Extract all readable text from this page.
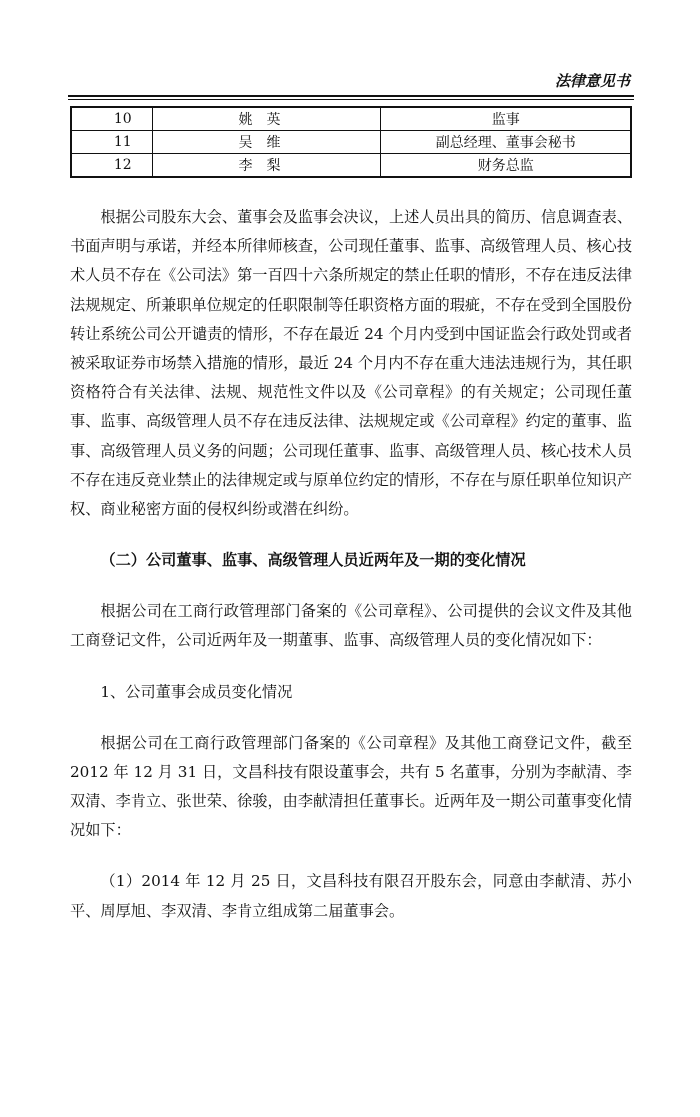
法律意见书
10	姚英	监事
11	吴维	副总经理、董事会秘书
12	李梨	财务总监

根据公司股东大会、董事会及监事会决议，上述人员出具的简历、信息调查表、书面声明与承诺，并经本所律师核查，公司现任董事、监事、高级管理人员、核心技术人员不存在《公司法》第一百四十六条所规定的禁止任职的情形，不存在违反法律法规规定、所兼职单位规定的任职限制等任职资格方面的瑕疵，不存在受到全国股份转让系统公司公开谴责的情形，不存在最近 24 个月内受到中国证监会行政处罚或者被采取证券市场禁入措施的情形，最近 24 个月内不存在重大违法违规行为，其任职资格符合有关法律、法规、规范性文件以及《公司章程》的有关规定；公司现任董事、监事、高级管理人员不存在违反法律、法规规定或《公司章程》约定的董事、监事、高级管理人员义务的问题；公司现任董事、监事、高级管理人员、核心技术人员不存在违反竞业禁止的法律规定或与原单位约定的情形，不存在与原任职单位知识产权、商业秘密方面的侵权纠纷或潜在纠纷。

（二）公司董事、监事、高级管理人员近两年及一期的变化情况

根据公司在工商行政管理部门备案的《公司章程》、公司提供的会议文件及其他工商登记文件，公司近两年及一期董事、监事、高级管理人员的变化情况如下：

1、公司董事会成员变化情况

根据公司在工商行政管理部门备案的《公司章程》及其他工商登记文件，截至 2012 年 12 月 31 日，文昌科技有限设董事会，共有 5 名董事，分别为李献清、李双清、李肯立、张世荣、徐骏，由李献清担任董事长。近两年及一期公司董事变化情况如下：

（1）2014 年 12 月 25 日，文昌科技有限召开股东会，同意由李献清、苏小平、周厚旭、李双清、李肯立组成第二届董事会。
